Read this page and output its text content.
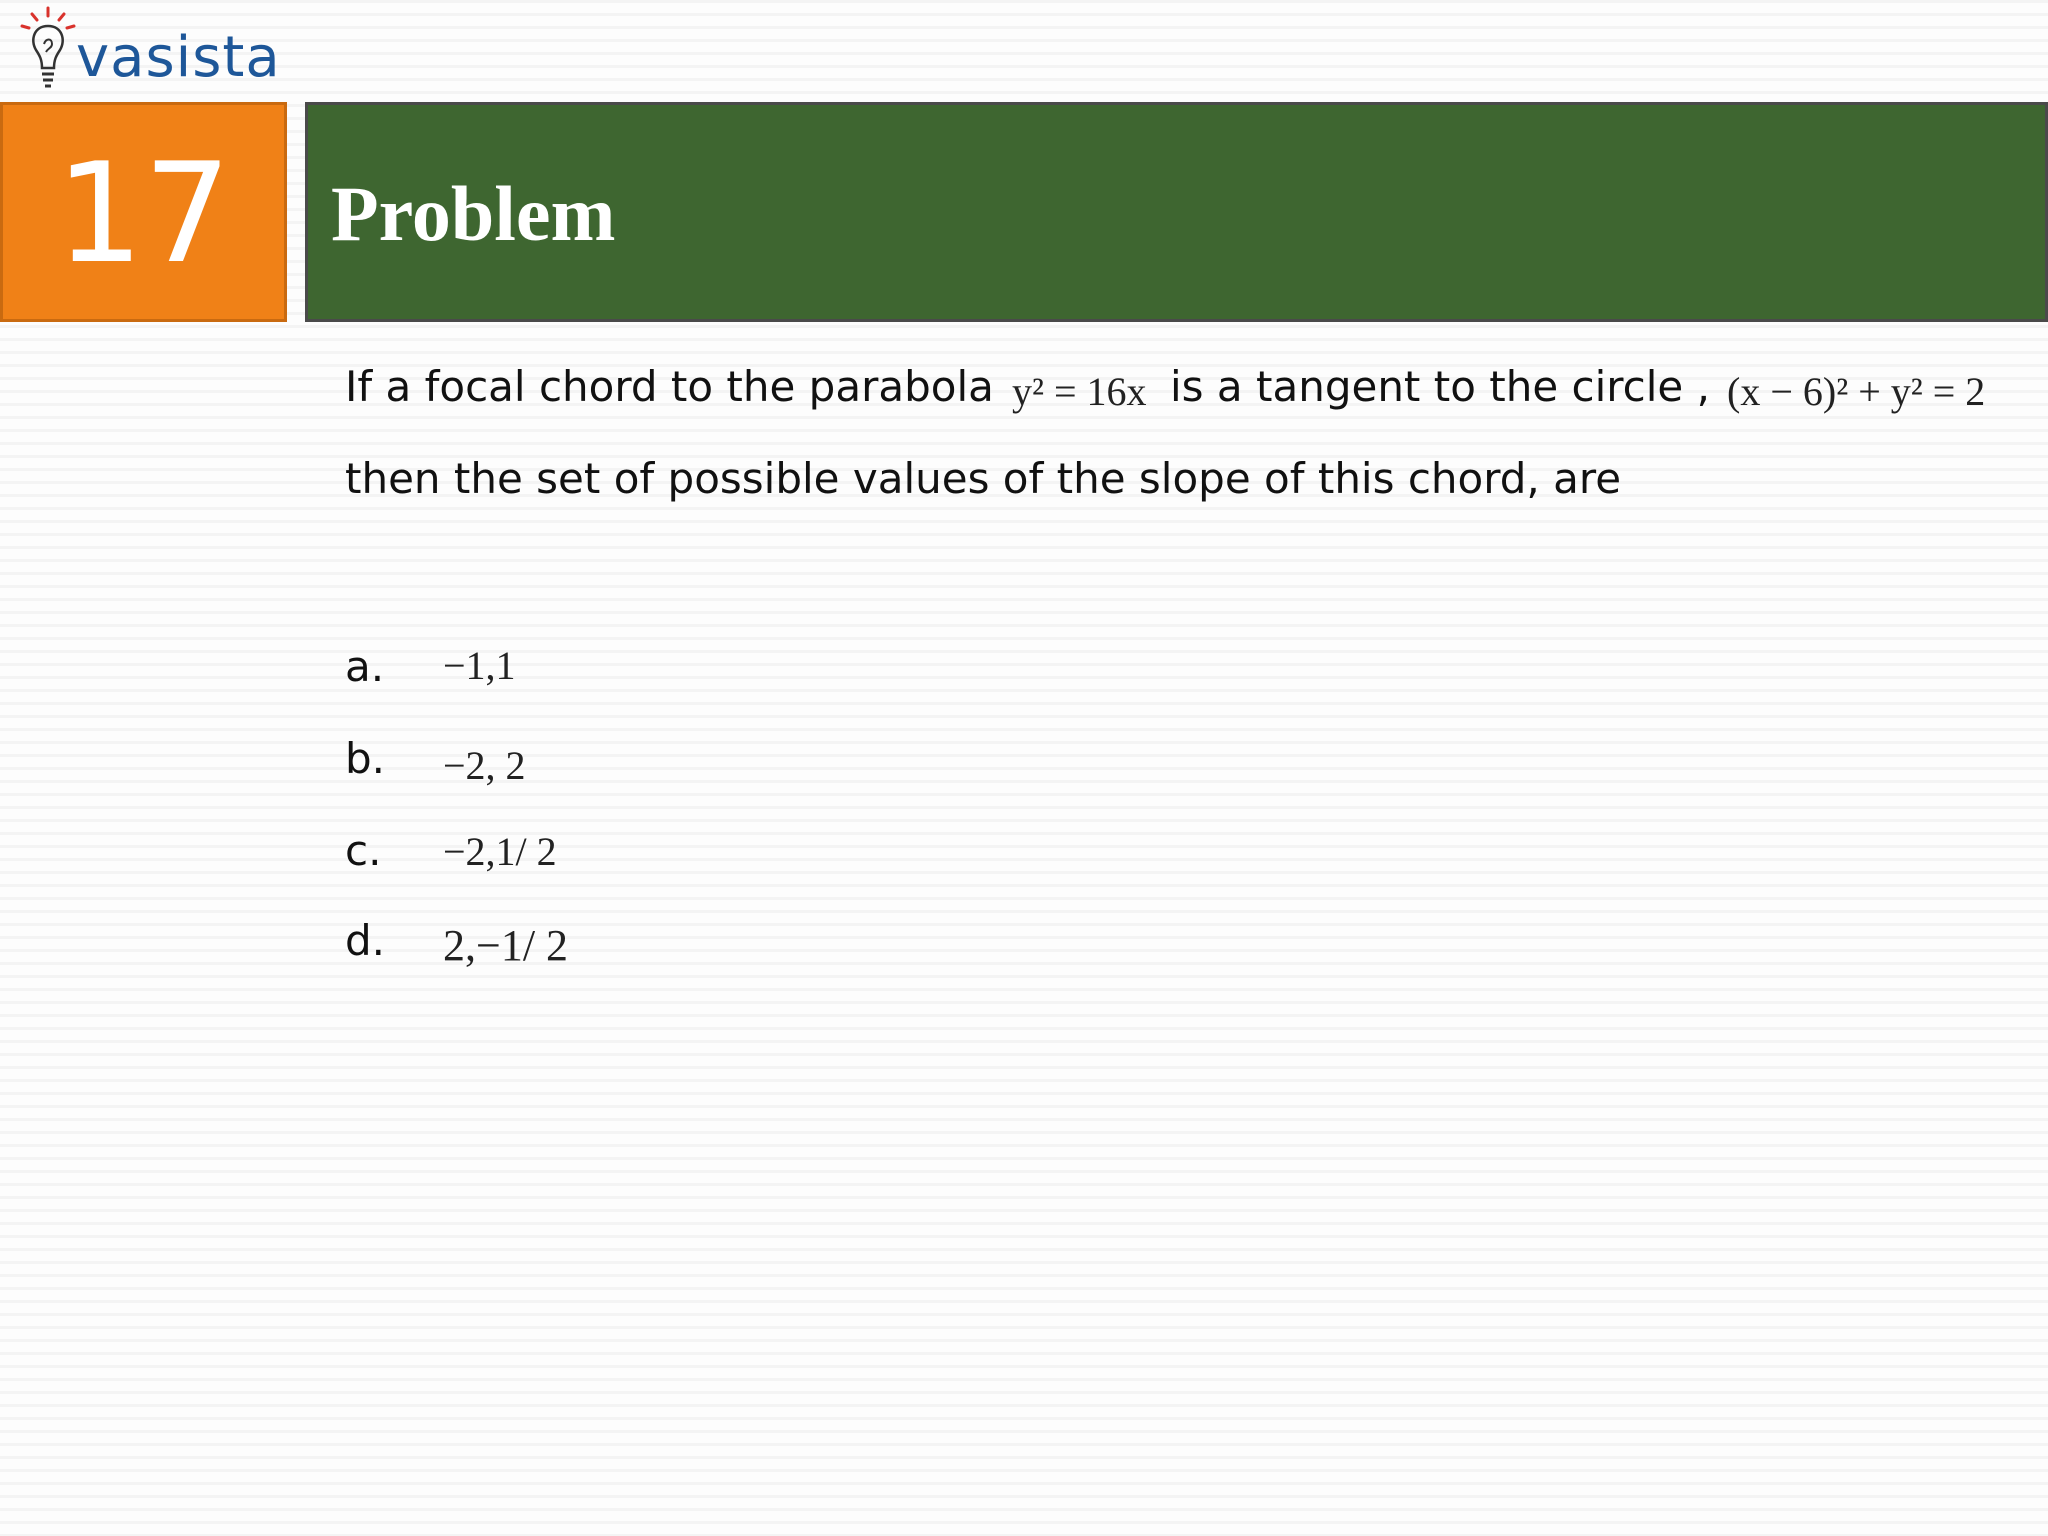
vasista
17 Problem
If a focal chord to the parabola y² = 16x is a tangent to the circle , (x − 6)² + y² = 2
then the set of possible values of the slope of this chord, are
a. −1,1
b. −2, 2
c. −2,1/ 2
d. 2,−1/ 2
